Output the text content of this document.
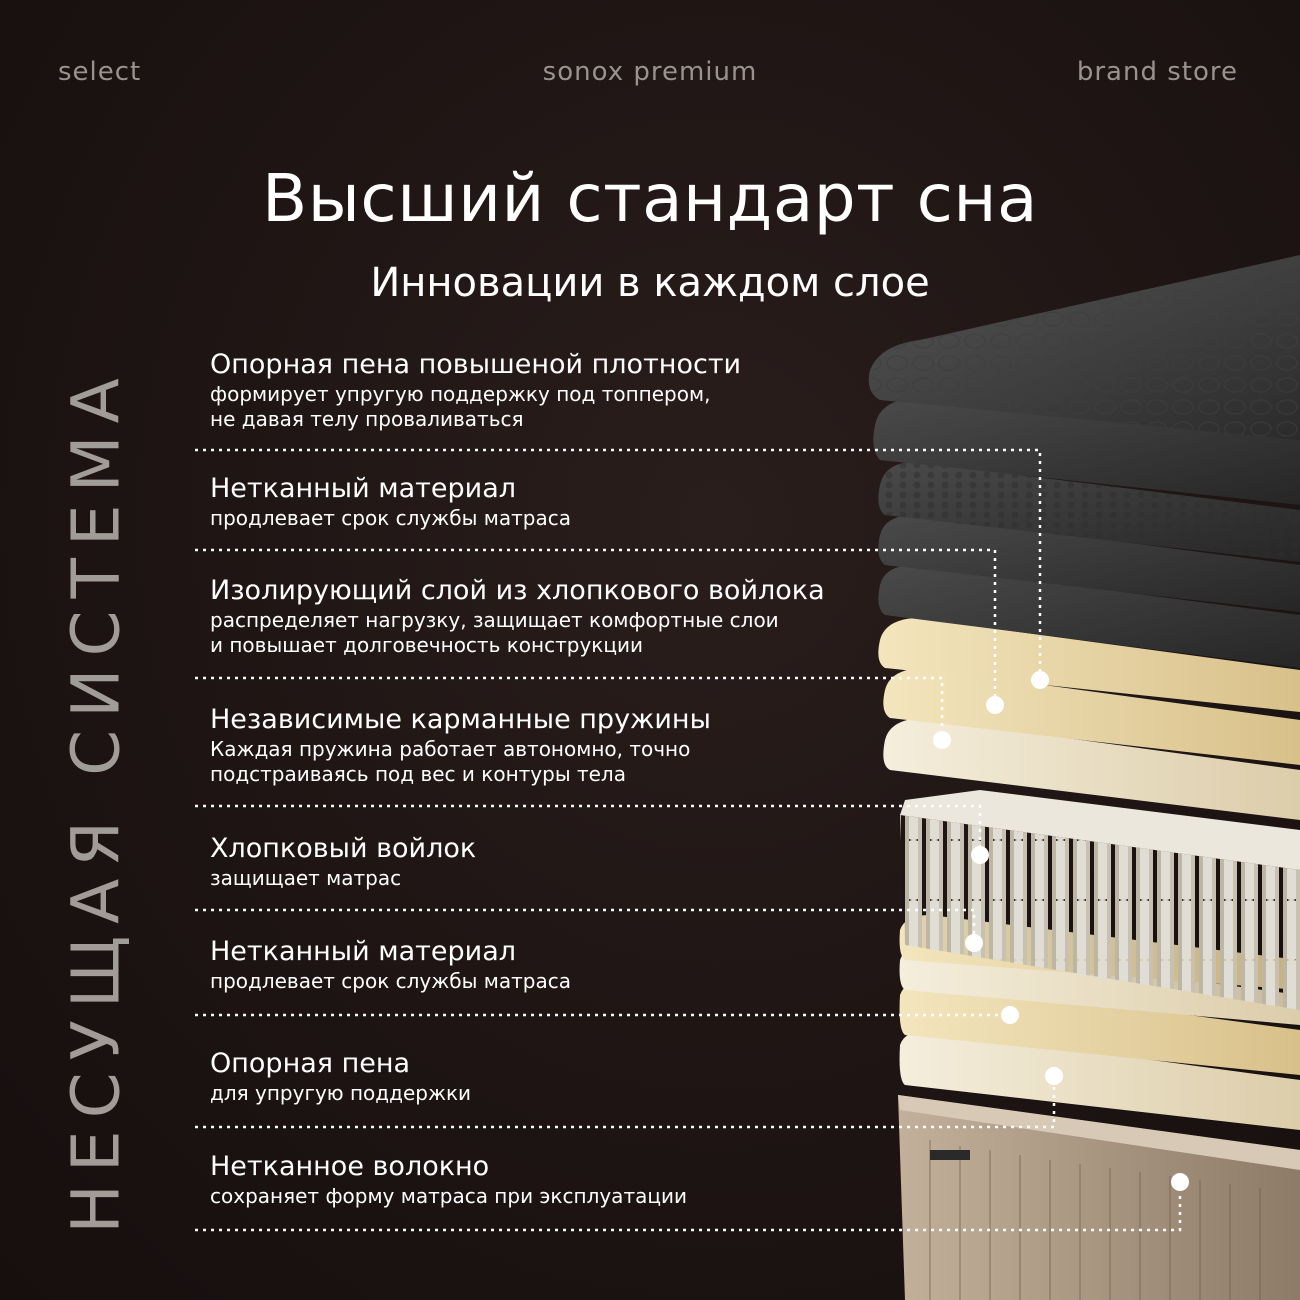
select	sonox premium	brand store
Высший стандарт сна
Инновации в каждом слое
НЕСУЩАЯ СИСТЕМА
Опорная пена повышеной плотности
формирует упругую поддержку под топпером,
не давая телу проваливаться
Нетканный материал
продлевает срок службы матраса
Изолирующий слой из хлопкового войлока
распределяет нагрузку, защищает комфортные слои
и повышает долговечность конструкции
Независимые карманные пружины
Каждая пружина работает автономно, точно
подстраиваясь под вес и контуры тела
Хлопковый войлок
защищает матрас
Нетканный материал
продлевает срок службы матраса
Опорная пена
для упругую поддержки
Нетканное волокно
сохраняет форму матраса при эксплуатации
